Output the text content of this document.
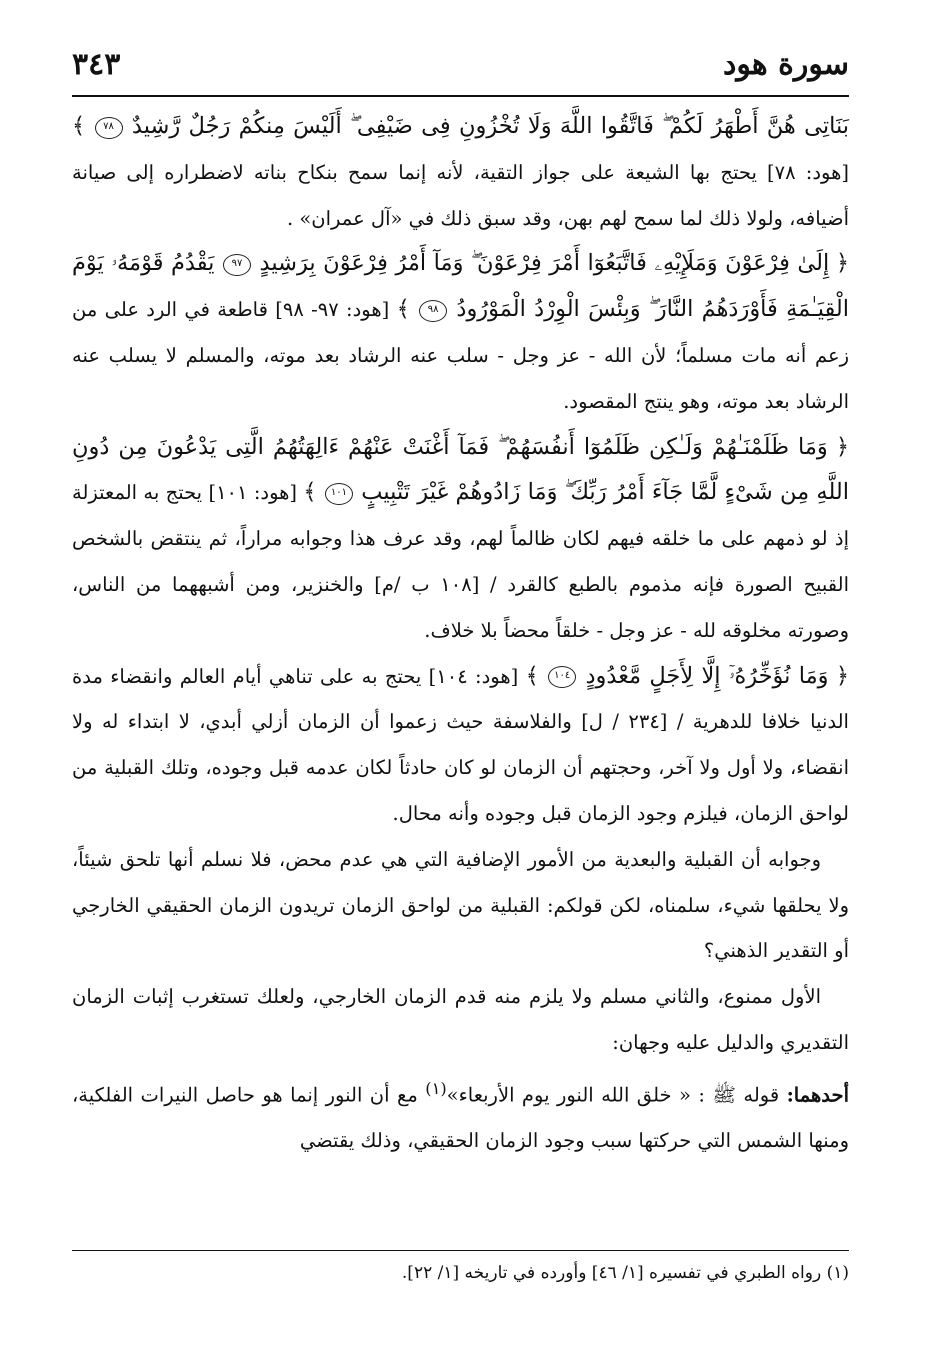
سورة هود
٣٤٣

بَنَاتِى هُنَّ أَطْهَرُ لَكُمْ ۖ فَاتَّقُوا اللَّهَ وَلَا تُخْزُونِ فِى ضَيْفِى ۖ أَلَيْسَ مِنكُمْ رَجُلٌ رَّشِيدٌ ٧٨ ﴾ [هود: ٧٨] يحتج بها الشيعة على جواز التقية، لأنه إنما سمح بنكاح بناته لاضطراره إلى صيانة أضيافه، ولولا ذلك لما سمح لهم بهن، وقد سبق ذلك في «آل عمران» .

﴿ إِلَىٰ فِرْعَوْنَ وَمَلَإِيْهِۦ فَاتَّبَعُوٓا أَمْرَ فِرْعَوْنَ ۖ وَمَآ أَمْرُ فِرْعَوْنَ بِرَشِيدٍ ٩٧ يَقْدُمُ قَوْمَهُۥ يَوْمَ الْقِيَـٰمَةِ فَأَوْرَدَهُمُ النَّارَ ۖ وَبِئْسَ الْوِرْدُ الْمَوْرُودُ ٩٨ ﴾ [هود: ٩٧- ٩٨] قاطعة في الرد على من زعم أنه مات مسلماً؛ لأن الله - عز وجل - سلب عنه الرشاد بعد موته، والمسلم لا يسلب عنه الرشاد بعد موته، وهو ينتج المقصود.

﴿ وَمَا ظَلَمْنَـٰهُمْ وَلَـٰكِن ظَلَمُوٓا أَنفُسَهُمْ ۖ فَمَآ أَغْنَتْ عَنْهُمْ ءَالِهَتُهُمُ الَّتِى يَدْعُونَ مِن دُونِ اللَّهِ مِن شَىْءٍ لَّمَّا جَآءَ أَمْرُ رَبِّكَ ۖ وَمَا زَادُوهُمْ غَيْرَ تَتْبِيبٍ ١٠١ ﴾ [هود: ١٠١] يحتج به المعتزلة إذ لو ذمهم على ما خلقه فيهم لكان ظالماً لهم، وقد عرف هذا وجوابه مراراً، ثم ينتقض بالشخص القبيح الصورة فإنه مذموم بالطبع كالقرد / [١٠٨ ب /م] والخنزير، ومن أشبههما من الناس، وصورته مخلوقه لله - عز وجل - خلقاً محضاً بلا خلاف.

﴿ وَمَا نُؤَخِّرُهُۥٓ إِلَّا لِأَجَلٍ مَّعْدُودٍ ١٠٤ ﴾ [هود: ١٠٤] يحتج به على تناهي أيام العالم وانقضاء مدة الدنيا خلافا للدهرية / [٢٣٤ / ل] والفلاسفة حيث زعموا أن الزمان أزلي أبدي، لا ابتداء له ولا انقضاء، ولا أول ولا آخر، وحجتهم أن الزمان لو كان حادثاً لكان عدمه قبل وجوده، وتلك القبلية من لواحق الزمان، فيلزم وجود الزمان قبل وجوده وأنه محال.

وجوابه أن القبلية والبعدية من الأمور الإضافية التي هي عدم محض، فلا نسلم أنها تلحق شيئاً، ولا يحلقها شيء، سلمناه، لكن قولكم: القبلية من لواحق الزمان تريدون الزمان الحقيقي الخارجي أو التقدير الذهني؟

الأول ممنوع، والثاني مسلم ولا يلزم منه قدم الزمان الخارجي، ولعلك تستغرب إثبات الزمان التقديري والدليل عليه وجهان:

أحدهما: قوله ﷺ : « خلق الله النور يوم الأربعاء»$^{(١)}$ مع أن النور إنما هو حاصل النيرات الفلكية، ومنها الشمس التي حركتها سبب وجود الزمان الحقيقي، وذلك يقتضي

(١) رواه الطبري في تفسيره [١/ ٤٦] وأورده في تاريخه [١/ ٢٢].
